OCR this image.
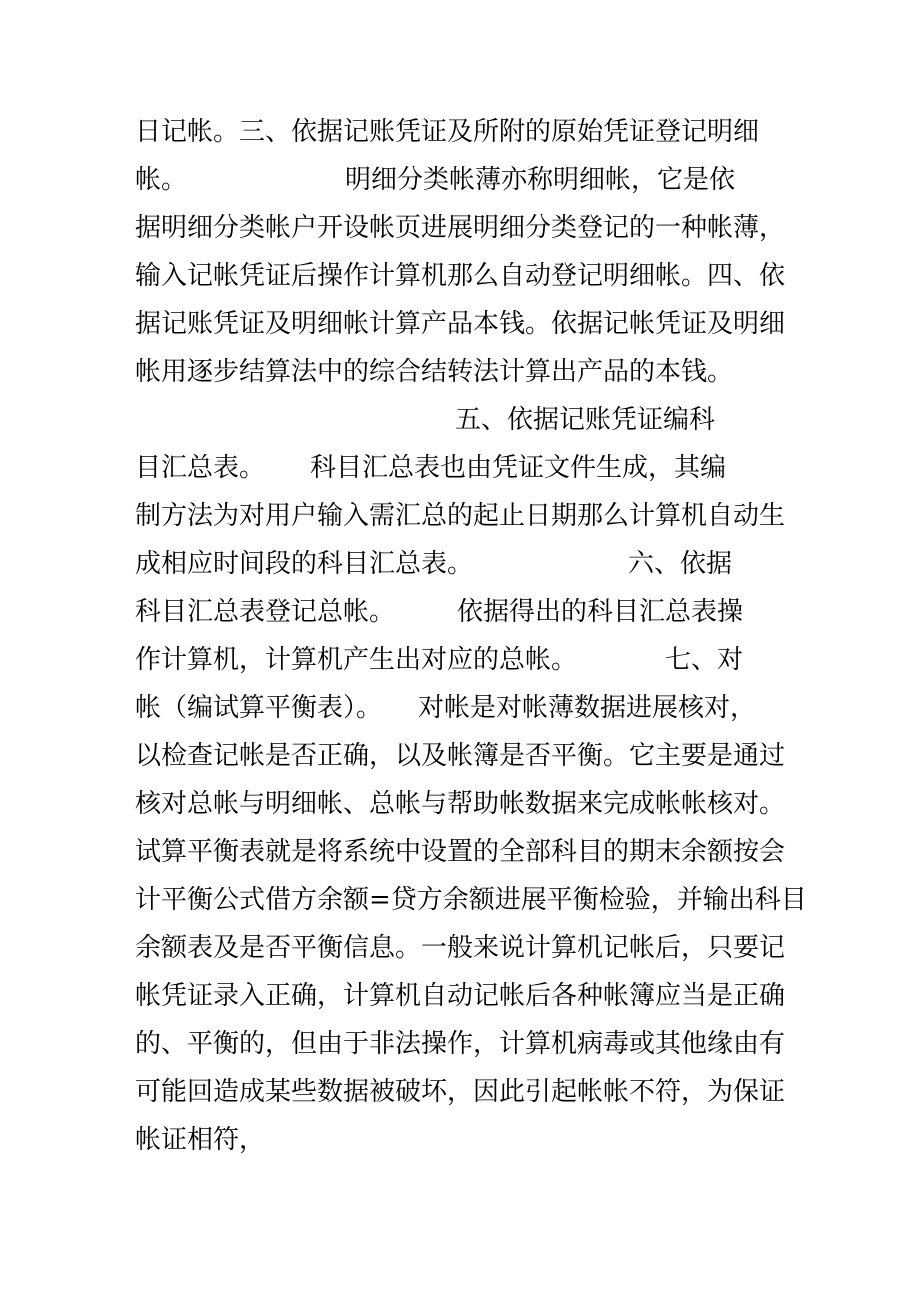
日记帐。三、依据记账凭证及所附的原始凭证登记明细
帐。	明细分类帐薄亦称明细帐，它是依
据明细分类帐户开设帐页进展明细分类登记的一种帐薄，
输入记帐凭证后操作计算机那么自动登记明细帐。四、依
据记账凭证及明细帐计算产品本钱。依据记帐凭证及明细
帐用逐步结算法中的综合结转法计算出产品的本钱。
五、依据记账凭证编科
目汇总表。 科目汇总表也由凭证文件生成，其编
制方法为对用户输入需汇总的起止日期那么计算机自动生
成相应时间段的科目汇总表。	六、依据
科目汇总表登记总帐。 依据得出的科目汇总表操
作计算机，计算机产生出对应的总帐。	七、对
帐（编试算平衡表）。 对帐是对帐薄数据进展核对，
以检查记帐是否正确，以及帐簿是否平衡。它主要是通过
核对总帐与明细帐、总帐与帮助帐数据来完成帐帐核对。
试算平衡表就是将系统中设置的全部科目的期末余额按会
计平衡公式借方余额=贷方余额进展平衡检验，并输出科目
余额表及是否平衡信息。一般来说计算机记帐后，只要记
帐凭证录入正确，计算机自动记帐后各种帐簿应当是正确
的、平衡的，但由于非法操作，计算机病毒或其他缘由有
可能回造成某些数据被破坏，因此引起帐帐不符，为保证
帐证相符，
